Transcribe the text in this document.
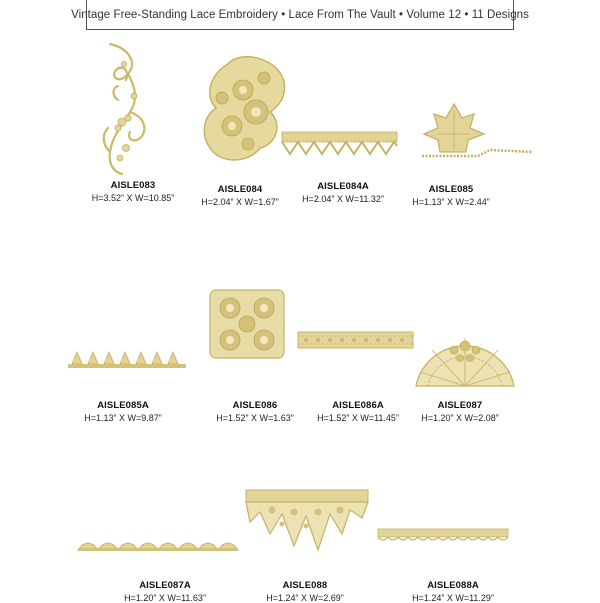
Vintage Free-Standing Lace Embroidery • Lace From The Vault • Volume 12 • 11 Designs
AISLE083
H=3.52” X W=10.85”
AISLE084
H=2.04” X W=1.67”
AISLE084A
H=2.04” X W=11.32”
AISLE085
H=1.13” X W=2.44”
AISLE085A
H=1.13” X W=9.87”
AISLE086
H=1.52” X W=1.63”
AISLE086A
H=1.52” X W=11.45”
AISLE087
H=1.20” X W=2.08”
AISLE087A
H=1.20” X W=11.63”
AISLE088
H=1.24” X W=2.69”
AISLE088A
H=1.24” X W=11.29”
